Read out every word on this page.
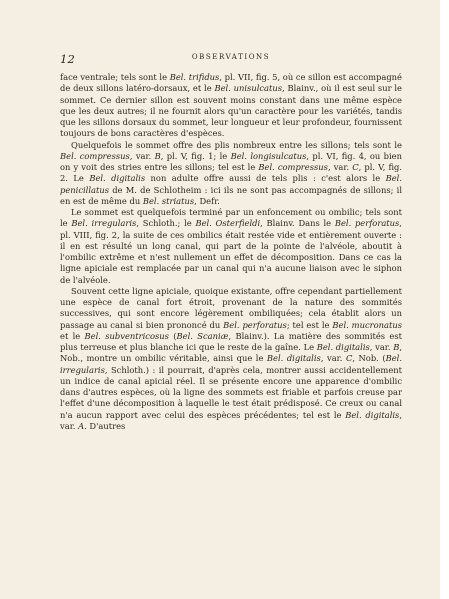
12	OBSERVATIONS

face ventrale; tels sont le Bel. trifidus, pl. VII, fig. 5, où ce sillon est accompagné de deux sillons latéro-dorsaux, et le Bel. unisulcatus, Blainv., où il est seul sur le sommet. Ce dernier sillon est souvent moins constant dans une même espèce que les deux autres; il ne fournit alors qu'un caractère pour les variétés, tandis que les sillons dorsaux du sommet, leur longueur et leur profondeur, fournissent toujours de bons caractères d'espèces.

Quelquefois le sommet offre des plis nombreux entre les sillons; tels sont le Bel. compressus, var. B, pl. V, fig. 1; le Bel. longisulcatus, pl. VI, fig. 4, ou bien on y voit des stries entre les sillons; tel est le Bel. compressus, var. C, pl. V, fig. 2. Le Bel. digitalis non adulte offre aussi de tels plis : c'est alors le Bel. penicillatus de M. de Schlotheim : ici ils ne sont pas accompagnés de sillons; il en est de même du Bel. striatus, Defr.

Le sommet est quelquefois terminé par un enfoncement ou ombilic; tels sont le Bel. irregularis, Schloth.; le Bel. Osterfieldi, Blainv. Dans le Bel. perforatus, pl. VIII, fig. 2, la suite de ces ombilics était restée vide et entièrement ouverte : il en est résulté un long canal, qui part de la pointe de l'alvéole, aboutit à l'ombilic extrême et n'est nullement un effet de décomposition. Dans ce cas la ligne apiciale est remplacée par un canal qui n'a aucune liaison avec le siphon de l'alvéole.

Souvent cette ligne apiciale, quoique existante, offre cependant partiellement une espèce de canal fort étroit, provenant de la nature des sommités successives, qui sont encore légèrement ombiliquées; cela établit alors un passage au canal si bien prononcé du Bel. perforatus; tel est le Bel. mucronatus et le Bel. subventricosus (Bel. Scaniæ, Blainv.). La matière des sommités est plus terreuse et plus blanche ici que le reste de la gaîne. Le Bel. digitalis, var. B, Nob., montre un ombilic véritable, ainsi que le Bel. digitalis, var. C, Nob. (Bel. irregularis, Schloth.) : il pourrait, d'après cela, montrer aussi accidentellement un indice de canal apicial réel. Il se présente encore une apparence d'ombilic dans d'autres espèces, où la ligne des sommets est friable et parfois creuse par l'effet d'une décomposition à laquelle le test était prédisposé. Ce creux ou canal n'a aucun rapport avec celui des espèces précédentes; tel est le Bel. digitalis, var. A. D'autres
